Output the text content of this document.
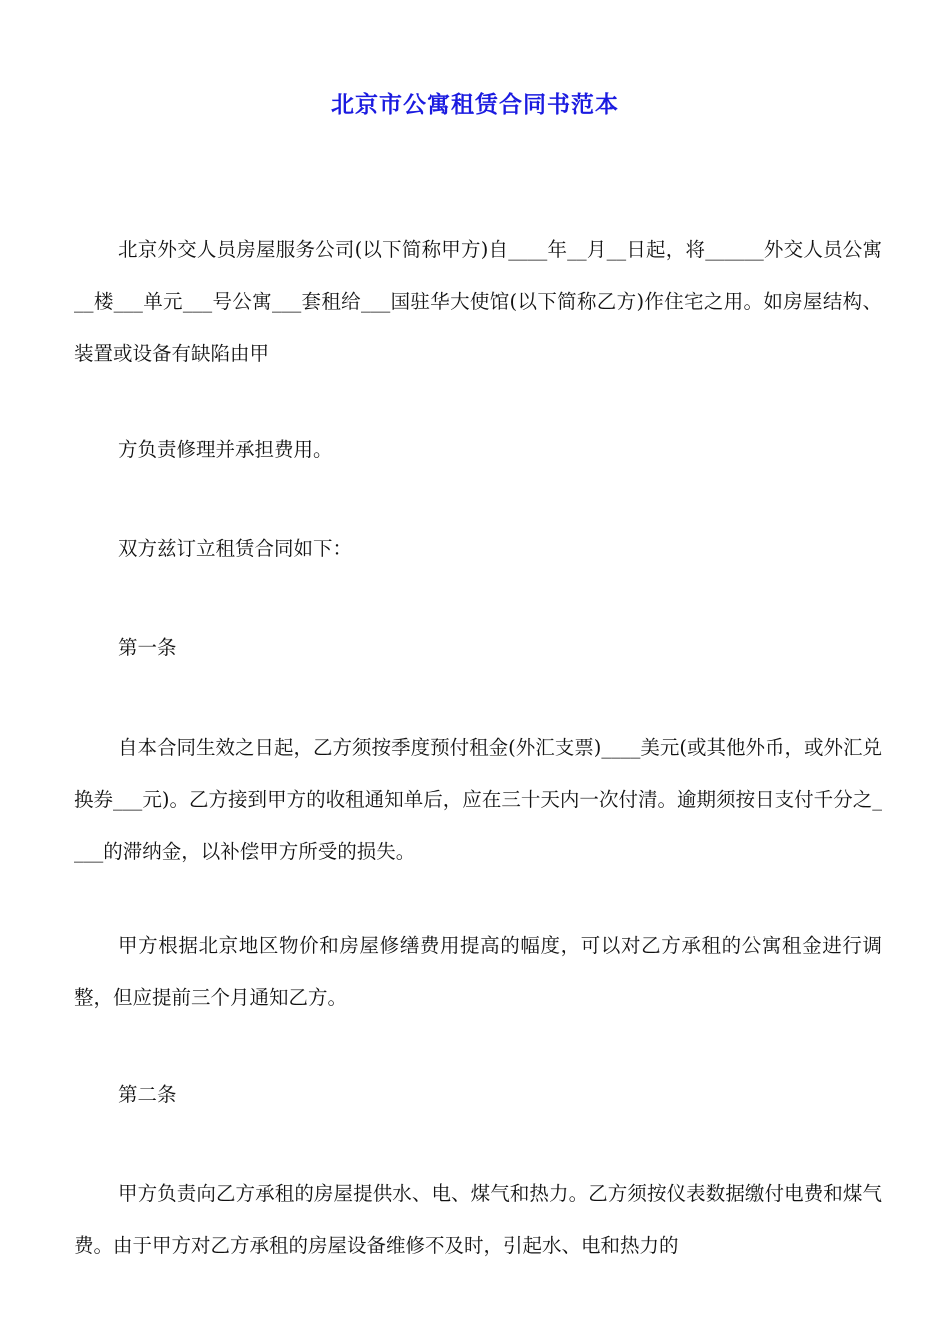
北京市公寓租赁合同书范本

北京外交人员房屋服务公司(以下简称甲方)自____年__月__日起，将______外交人员公寓__楼___单元___号公寓___套租给___国驻华大使馆(以下简称乙方)作住宅之用。如房屋结构、装置或设备有缺陷由甲

方负责修理并承担费用。

双方兹订立租赁合同如下：

第一条

自本合同生效之日起，乙方须按季度预付租金(外汇支票)____美元(或其他外币，或外汇兑换券___元)。乙方接到甲方的收租通知单后，应在三十天内一次付清。逾期须按日支付千分之____的滞纳金，以补偿甲方所受的损失。

甲方根据北京地区物价和房屋修缮费用提高的幅度，可以对乙方承租的公寓租金进行调整，但应提前三个月通知乙方。

第二条

甲方负责向乙方承租的房屋提供水、电、煤气和热力。乙方须按仪表数据缴付电费和煤气费。由于甲方对乙方承租的房屋设备维修不及时，引起水、电和热力的
